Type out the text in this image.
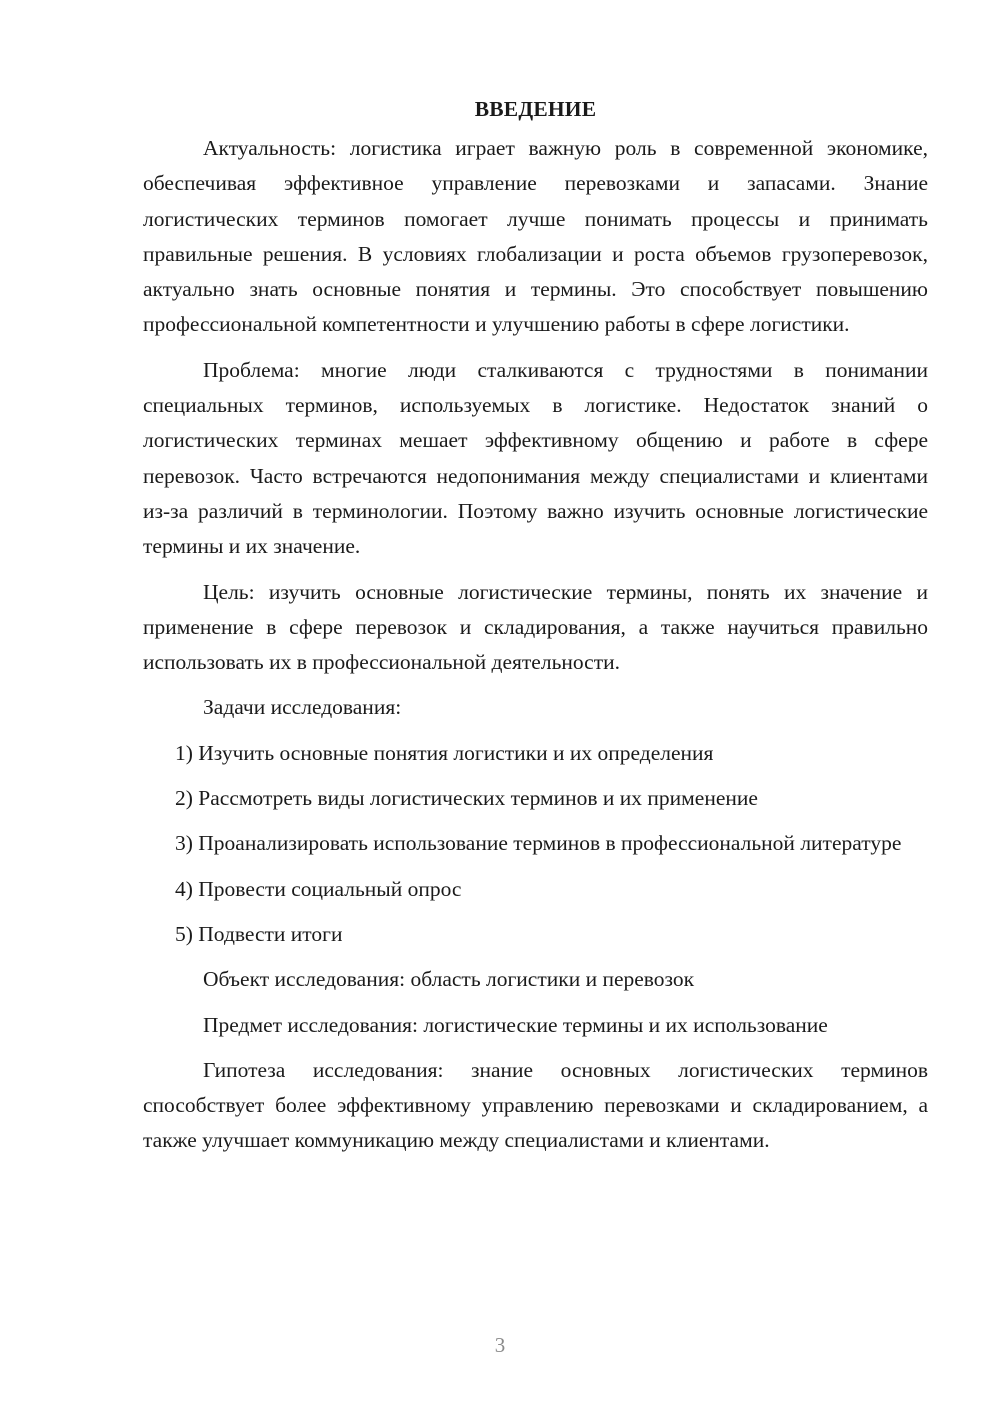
ВВЕДЕНИЕ

Актуальность: логистика играет важную роль в современной экономике, обеспечивая эффективное управление перевозками и запасами. Знание логистических терминов помогает лучше понимать процессы и принимать правильные решения. В условиях глобализации и роста объемов грузоперевозок, актуально знать основные понятия и термины. Это способствует повышению профессиональной компетентности и улучшению работы в сфере логистики.

Проблема: многие люди сталкиваются с трудностями в понимании специальных терминов, используемых в логистике. Недостаток знаний о логистических терминах мешает эффективному общению и работе в сфере перевозок. Часто встречаются недопонимания между специалистами и клиентами из-за различий в терминологии. Поэтому важно изучить основные логистические термины и их значение.

Цель: изучить основные логистические термины, понять их значение и применение в сфере перевозок и складирования, а также научиться правильно использовать их в профессиональной деятельности.

Задачи исследования:

1) Изучить основные понятия логистики и их определения

2) Рассмотреть виды логистических терминов и их применение

3) Проанализировать использование терминов в профессиональной литературе

4) Провести социальный опрос

5) Подвести итоги

Объект исследования: область логистики и перевозок

Предмет исследования: логистические термины и их использование

Гипотеза исследования: знание основных логистических терминов способствует более эффективному управлению перевозками и складированием, а также улучшает коммуникацию между специалистами и клиентами.

3
